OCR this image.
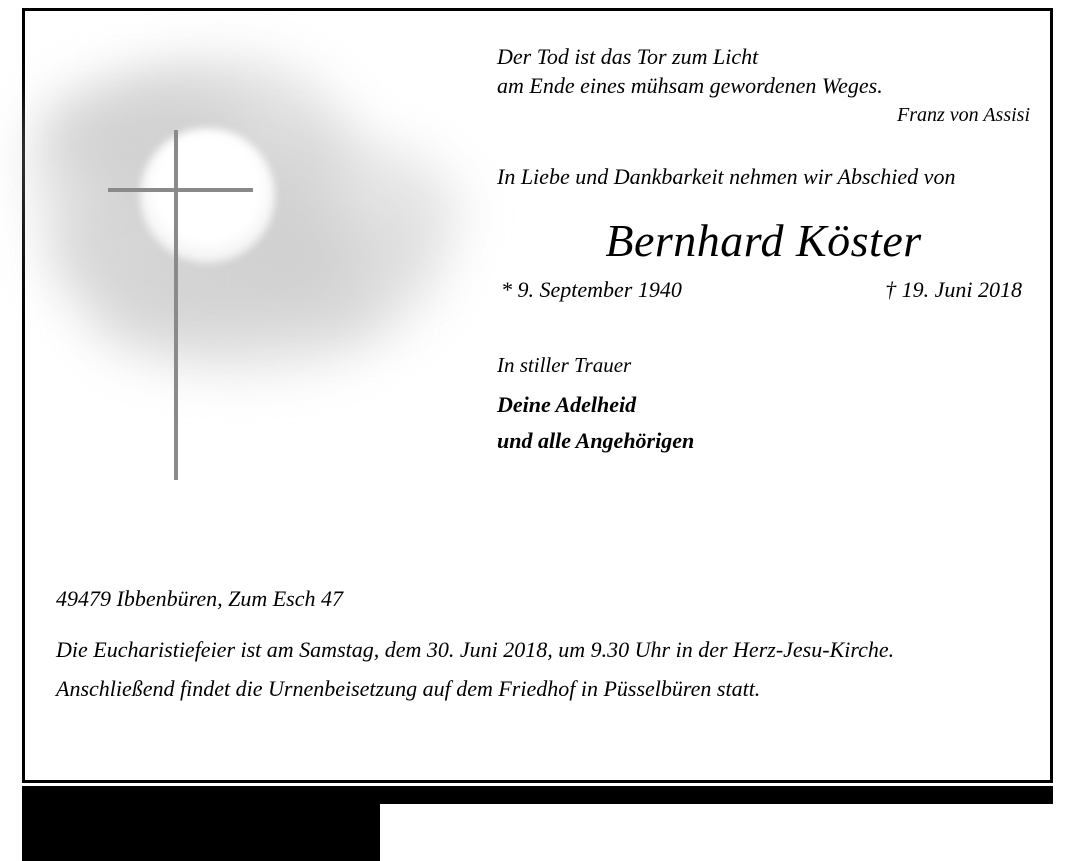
Der Tod ist das Tor zum Licht
am Ende eines mühsam gewordenen Weges.
Franz von Assisi
In Liebe und Dankbarkeit nehmen wir Abschied von
Bernhard Köster
* 9. September 1940	† 19. Juni 2018
In stiller Trauer
Deine Adelheid
und alle Angehörigen
49479 Ibbenbüren, Zum Esch 47
Die Eucharistiefeier ist am Samstag, dem 30. Juni 2018, um 9.30 Uhr in der Herz-Jesu-Kirche.
Anschließend findet die Urnenbeisetzung auf dem Friedhof in Püsselbüren statt.
